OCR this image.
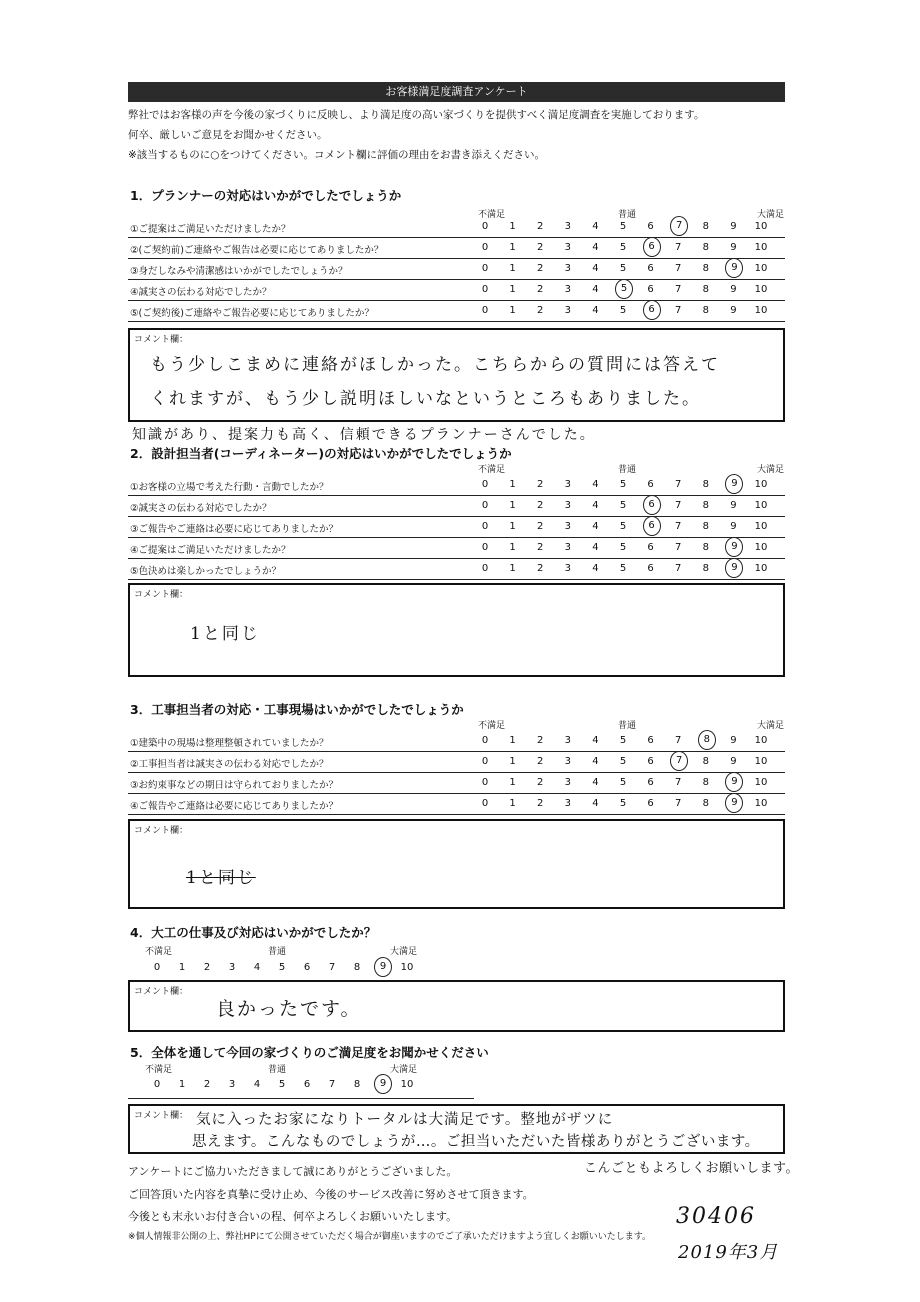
お客様満足度調査アンケート
弊社ではお客様の声を今後の家づくりに反映し、より満足度の高い家づくりを提供すべく満足度調査を実施しております。
何卒、厳しいご意見をお聞かせください。
※該当するものに○をつけてください。コメント欄に評価の理由をお書き添えください。
1．プランナーの対応はいかがでしたでしょうか
不満足	普通	大満足
①ご提案はご満足いただけましたか？	0	1	2	3	4	5	6	7	8	9	10
②(ご契約前)ご連絡やご報告は必要に応じてありましたか？	0	1	2	3	4	5	6	7	8	9	10
③身だしなみや清潔感はいかがでしたでしょうか？	0	1	2	3	4	5	6	7	8	9	10
④誠実さの伝わる対応でしたか？	0	1	2	3	4	5	6	7	8	9	10
⑤(ご契約後)ご連絡やご報告必要に応じてありましたか？	0	1	2	3	4	5	6	7	8	9	10
コメント欄：
もう少しこまめに連絡がほしかった。こちらからの質問には答えて
くれますが、もう少し説明ほしいなというところもありました。
知識があり、提案力も高く、信頼できるプランナーさんでした。
2．設計担当者(コーディネーター)の対応はいかがでしたでしょうか
不満足	普通	大満足
①お客様の立場で考えた行動・言動でしたか？	0	1	2	3	4	5	6	7	8	9	10
②誠実さの伝わる対応でしたか？	0	1	2	3	4	5	6	7	8	9	10
③ご報告やご連絡は必要に応じてありましたか？	0	1	2	3	4	5	6	7	8	9	10
④ご提案はご満足いただけましたか？	0	1	2	3	4	5	6	7	8	9	10
⑤色決めは楽しかったでしょうか？	0	1	2	3	4	5	6	7	8	9	10
コメント欄：
1と同じ
3．工事担当者の対応・工事現場はいかがでしたでしょうか
不満足	普通	大満足
①建築中の現場は整理整頓されていましたか？	0	1	2	3	4	5	6	7	8	9	10
②工事担当者は誠実さの伝わる対応でしたか？	0	1	2	3	4	5	6	7	8	9	10
③お約束事などの期日は守られておりましたか？	0	1	2	3	4	5	6	7	8	9	10
④ご報告やご連絡は必要に応じてありましたか？	0	1	2	3	4	5	6	7	8	9	10
コメント欄：
1と同じ
4．大工の仕事及び対応はいかがでしたか？
不満足	普通	大満足
0	1	2	3	4	5	6	7	8	9	10
コメント欄：
良かったです。
5．全体を通して今回の家づくりのご満足度をお聞かせください
不満足	普通	大満足
0	1	2	3	4	5	6	7	8	9	10
コメント欄： 気に入ったお家になりトータルは大満足です。整地がザツに
思えます。こんなものでしょうが…。ご担当いただいた皆様ありがとうございます。
こんごともよろしくお願いします。
アンケートにご協力いただきまして誠にありがとうございました。
ご回答頂いた内容を真摯に受け止め、今後のサービス改善に努めさせて頂きます。
今後とも末永いお付き合いの程、何卒よろしくお願いいたします。
※個人情報非公開の上、弊社HPにて公開させていただく場合が御座いますのでご了承いただけますよう宜しくお願いいたします。
30406
2019年3月
